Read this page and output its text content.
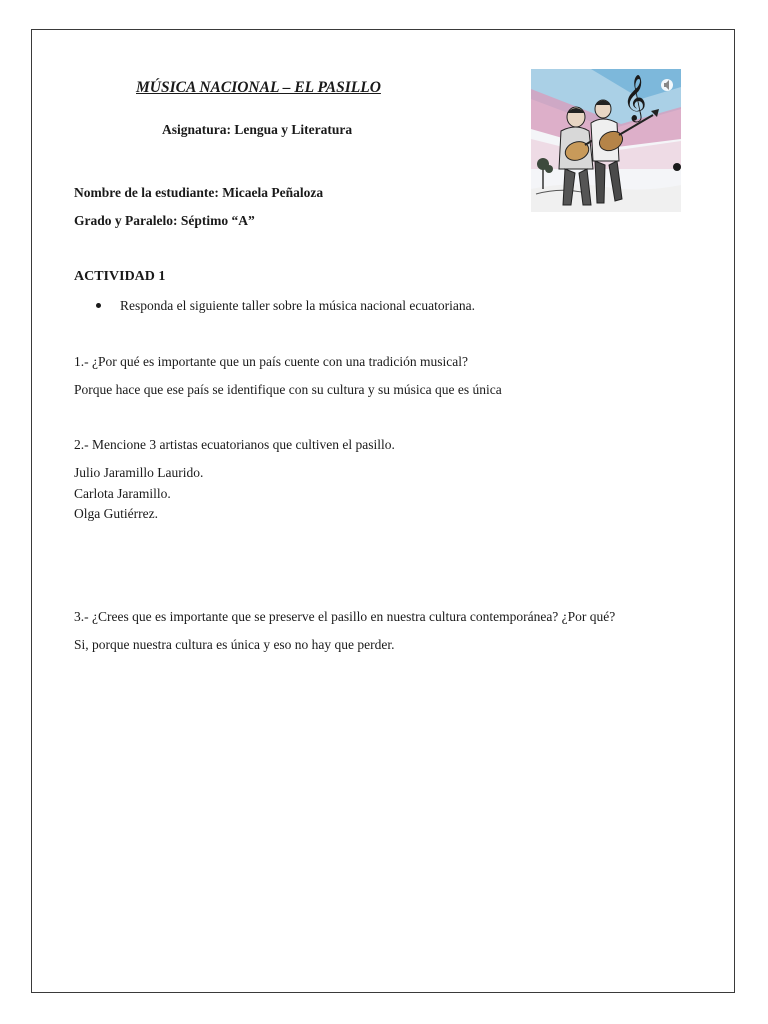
MÚSICA NACIONAL – EL PASILLO
Asignatura: Lengua y Literatura
Nombre de la estudiante: Micaela Peñaloza
Grado y Paralelo: Séptimo “A”
ACTIVIDAD 1
Responda el siguiente taller sobre la música nacional ecuatoriana.
1.- ¿Por qué es importante que un país cuente con una tradición musical?
Porque hace que ese país se identifique con su cultura y su música que es única
2.- Mencione 3 artistas ecuatorianos que cultiven el pasillo.
Julio Jaramillo Laurido.
Carlota Jaramillo.
Olga Gutiérrez.
3.- ¿Crees que es importante que se preserve el pasillo en nuestra cultura contemporánea? ¿Por qué?
Si, porque nuestra cultura es única y eso no hay que perder.
𝄞
